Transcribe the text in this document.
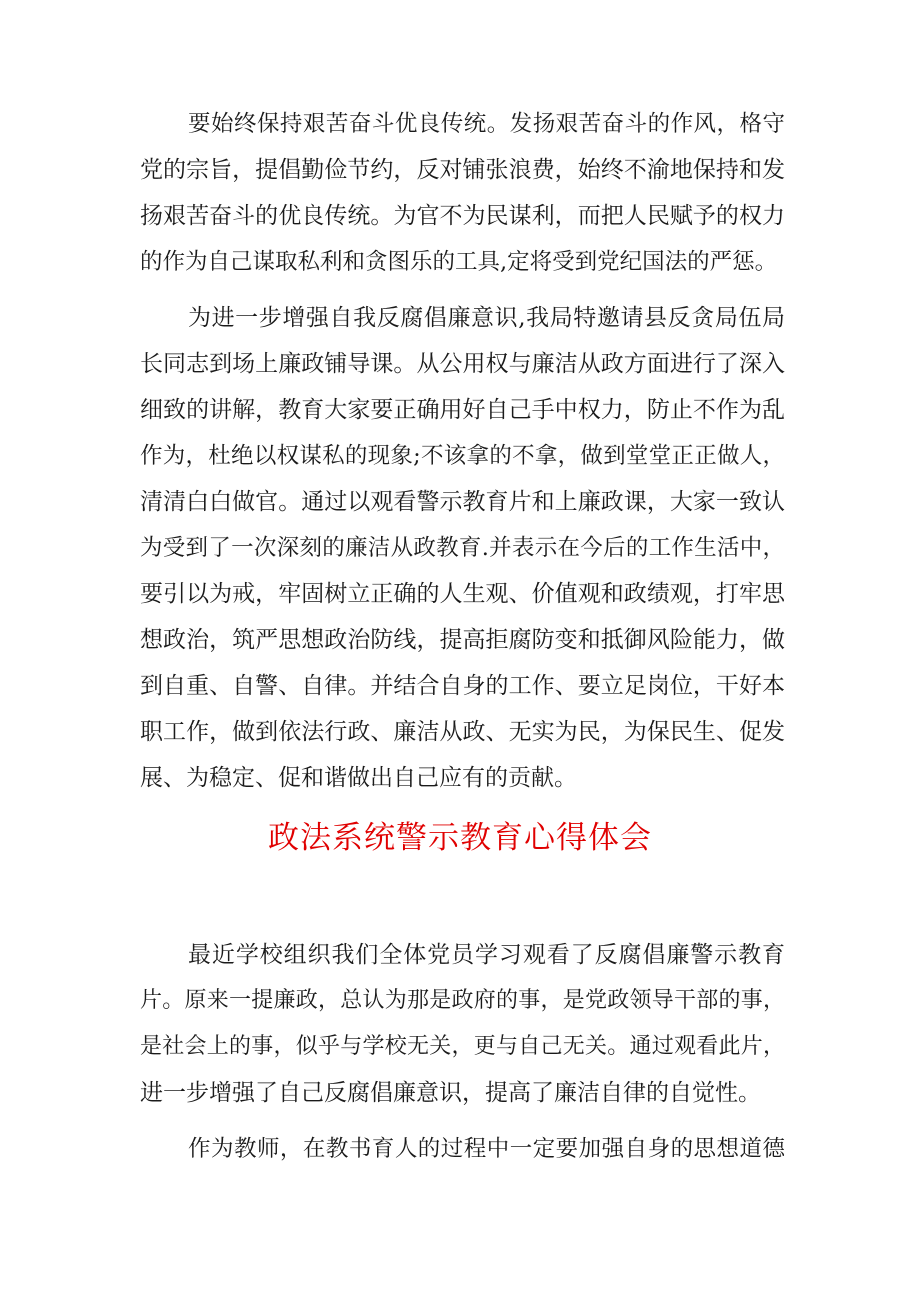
要始终保持艰苦奋斗优良传统。发扬艰苦奋斗的作风，格守
党的宗旨，提倡勤俭节约，反对铺张浪费，始终不渝地保持和发
扬艰苦奋斗的优良传统。为官不为民谋利，而把人民赋予的权力
的作为自己谋取私利和贪图乐的工具,定将受到党纪国法的严惩。
为进一步增强自我反腐倡廉意识,我局特邀请县反贪局伍局
长同志到场上廉政铺导课。从公用权与廉洁从政方面进行了深入
细致的讲解，教育大家要正确用好自己手中权力，防止不作为乱
作为，杜绝以权谋私的现象;不该拿的不拿，做到堂堂正正做人，
清清白白做官。通过以观看警示教育片和上廉政课，大家一致认
为受到了一次深刻的廉洁从政教育.并表示在今后的工作生活中，
要引以为戒，牢固树立正确的人生观、价值观和政绩观，打牢思
想政治，筑严思想政治防线，提高拒腐防变和抵御风险能力，做
到自重、自警、自律。并结合自身的工作、要立足岗位，干好本
职工作，做到依法行政、廉洁从政、无实为民，为保民生、促发
展、为稳定、促和谐做出自己应有的贡献。
政法系统警示教育心得体会
最近学校组织我们全体党员学习观看了反腐倡廉警示教育
片。原来一提廉政，总认为那是政府的事，是党政领导干部的事，
是社会上的事，似乎与学校无关，更与自己无关。通过观看此片，
进一步增强了自己反腐倡廉意识，提高了廉洁自律的自觉性。
作为教师，在教书育人的过程中一定要加强自身的思想道德
